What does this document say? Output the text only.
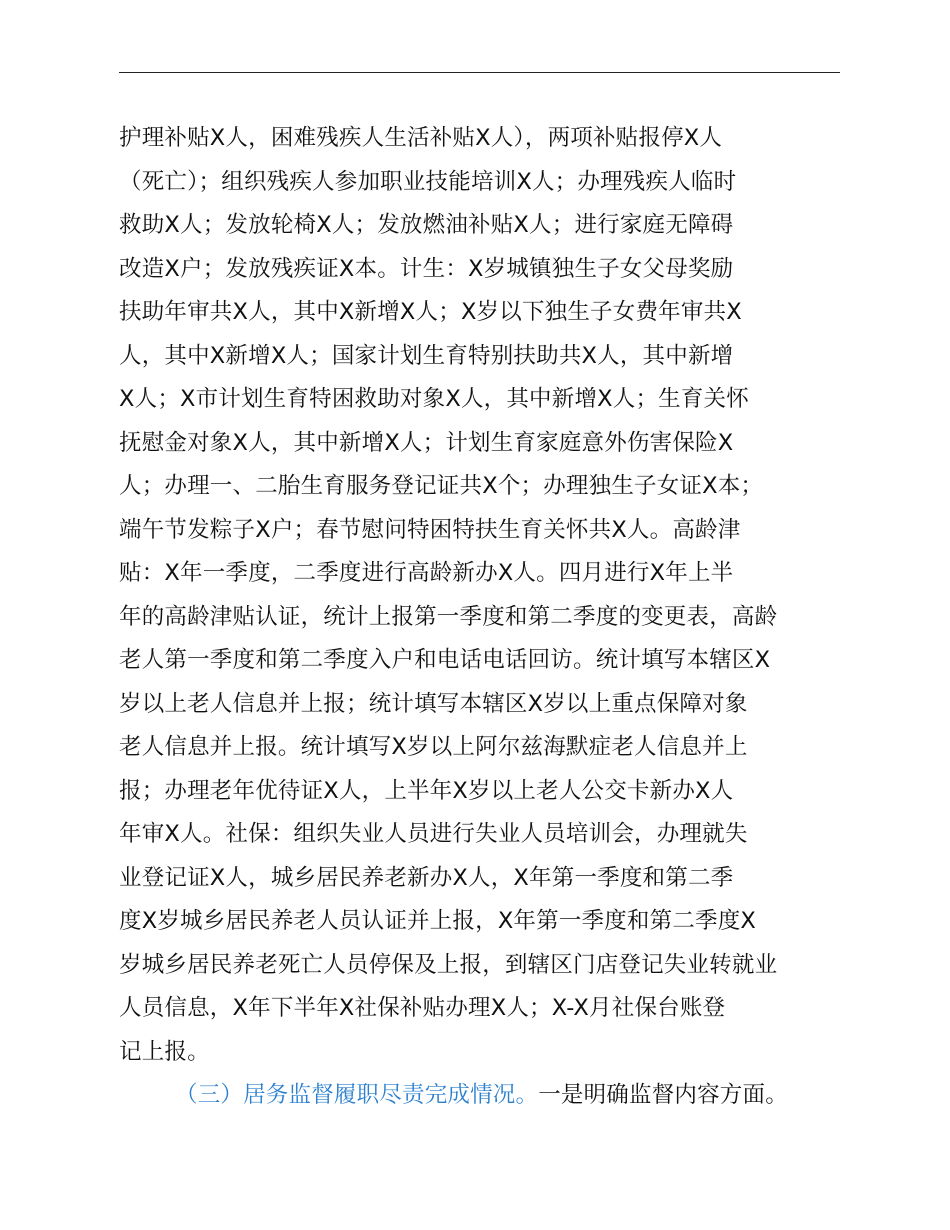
护理补贴X人，困难残疾人生活补贴X人），两项补贴报停X人
（死亡）；组织残疾人参加职业技能培训X人；办理残疾人临时
救助X人；发放轮椅X人；发放燃油补贴X人；进行家庭无障碍
改造X户；发放残疾证X本。计生：X岁城镇独生子女父母奖励
扶助年审共X人，其中X新增X人；X岁以下独生子女费年审共X
人，其中X新增X人；国家计划生育特别扶助共X人，其中新增
X人；X市计划生育特困救助对象X人，其中新增X人；生育关怀
抚慰金对象X人，其中新增X人；计划生育家庭意外伤害保险X
人；办理一、二胎生育服务登记证共X个；办理独生子女证X本；
端午节发粽子X户；春节慰问特困特扶生育关怀共X人。高龄津
贴：X年一季度，二季度进行高龄新办X人。四月进行X年上半
年的高龄津贴认证，统计上报第一季度和第二季度的变更表，高龄
老人第一季度和第二季度入户和电话电话回访。统计填写本辖区X
岁以上老人信息并上报；统计填写本辖区X岁以上重点保障对象
老人信息并上报。统计填写X岁以上阿尔兹海默症老人信息并上
报；办理老年优待证X人，上半年X岁以上老人公交卡新办X人
年审X人。社保：组织失业人员进行失业人员培训会，办理就失
业登记证X人，城乡居民养老新办X人，X年第一季度和第二季
度X岁城乡居民养老人员认证并上报，X年第一季度和第二季度X
岁城乡居民养老死亡人员停保及上报，到辖区门店登记失业转就业
人员信息，X年下半年X社保补贴办理X人；X-X月社保台账登
记上报。
（三）居务监督履职尽责完成情况。一是明确监督内容方面。
